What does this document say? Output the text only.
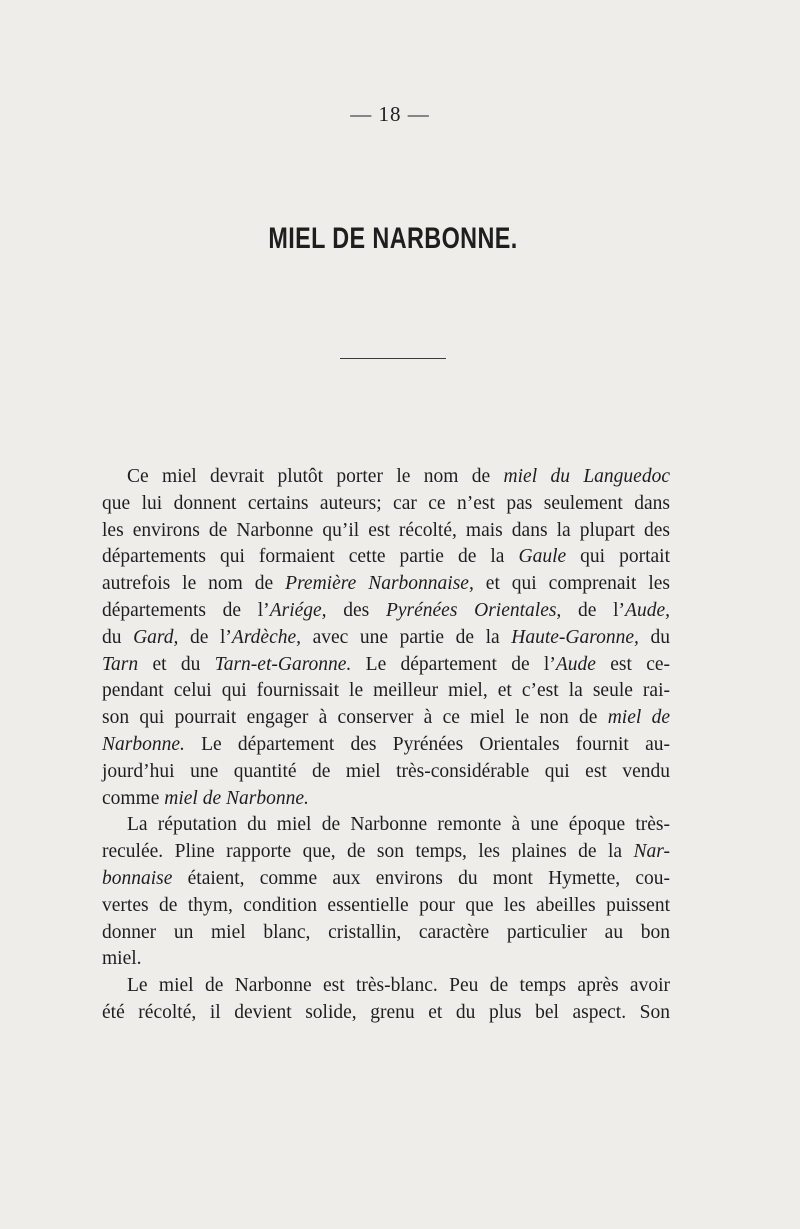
— 18 —
MIEL DE NARBONNE.
Ce miel devrait plutôt porter le nom de miel du Languedoc
que lui donnent certains auteurs; car ce n’est pas seulement dans
les environs de Narbonne qu’il est récolté, mais dans la plupart des
départements qui formaient cette partie de la Gaule qui portait
autrefois le nom de Première Narbonnaise, et qui comprenait les
départements de l’Ariége, des Pyrénées Orientales, de l’Aude,
du Gard, de l’Ardèche, avec une partie de la Haute-Garonne, du
Tarn et du Tarn-et-Garonne. Le département de l’Aude est ce-
pendant celui qui fournissait le meilleur miel, et c’est la seule rai-
son qui pourrait engager à conserver à ce miel le non de miel de
Narbonne. Le département des Pyrénées Orientales fournit au-
jourd’hui une quantité de miel très-considérable qui est vendu
comme miel de Narbonne.
La réputation du miel de Narbonne remonte à une époque très-
reculée. Pline rapporte que, de son temps, les plaines de la Nar-
bonnaise étaient, comme aux environs du mont Hymette, cou-
vertes de thym, condition essentielle pour que les abeilles puissent
donner un miel blanc, cristallin, caractère particulier au bon
miel.
Le miel de Narbonne est très-blanc. Peu de temps après avoir
été récolté, il devient solide, grenu et du plus bel aspect. Son
